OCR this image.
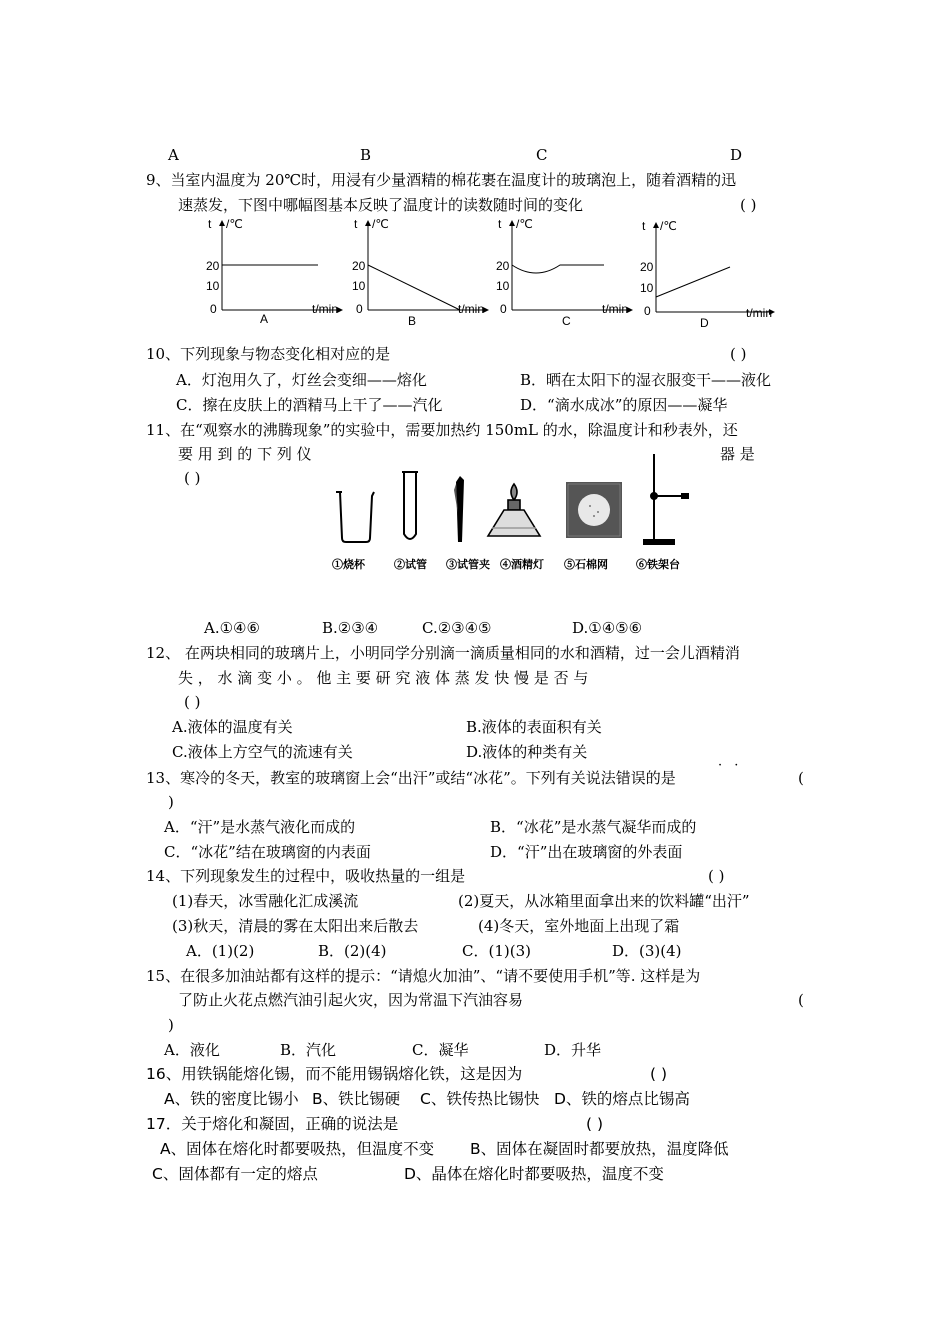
A	B	C	D
9、当室内温度为 20℃时，用浸有少量酒精的棉花裹在温度计的玻璃泡上，随着酒精的迅
速蒸发，下图中哪幅图基本反映了温度计的读数随时间的变化	( )
t /℃
20
10
0	t/min
A
t /℃
20
10
0	t/min
B
t /℃
20
10
0	t/min
C
t /℃
20
10
0	t/min
D
10、下列现象与物态变化相对应的是	( )
A．灯泡用久了，灯丝会变细——熔化	B．晒在太阳下的湿衣服变干——液化
C．擦在皮肤上的酒精马上干了——汽化	D．“滴水成冰”的原因——凝华
11、在“观察水的沸腾现象”的实验中，需要加热约 150mL 的水，除温度计和秒表外，还
要 用 到 的 下 列 仪	器 是
( )
①烧杯	②试管 ③试管夹 ④酒精灯 ⑤石棉网	⑥铁架台
A.①④⑥	B.②③④	C.②③④⑤	D.①④⑤⑥
12、 在两块相同的玻璃片上，小明同学分别滴一滴质量相同的水和酒精，过一会儿酒精消
失 ， 水 滴 变 小 。 他 主 要 研 究 液 体 蒸 发 快 慢 是 否 与
( )
A.液体的温度有关	B.液体的表面积有关
C.液体上方空气的流速有关	D.液体的种类有关
· ·
13、寒冷的冬天，教室的玻璃窗上会“出汗”或结“冰花”。下列有关说法错误的是	(
)
A．“汗”是水蒸气液化而成的	B．“冰花”是水蒸气凝华而成的
C．“冰花”结在玻璃窗的内表面	D．“汗”出在玻璃窗的外表面
14、下列现象发生的过程中，吸收热量的一组是	( )
(1)春天，冰雪融化汇成溪流	(2)夏天，从冰箱里面拿出来的饮料罐“出汗”
(3)秋天，清晨的雾在太阳出来后散去	(4)冬天，室外地面上出现了霜
A．(1)(2)	B．(2)(4)	C．(1)(3)	D．(3)(4)
15、在很多加油站都有这样的提示：“请熄火加油”、“请不要使用手机”等. 这样是为
了防止火花点燃汽油引起火灾，因为常温下汽油容易	(
)
A．液化	B．汽化	C．凝华	D．升华
16、用铁锅能熔化锡，而不能用锡锅熔化铁，这是因为	( )
A、铁的密度比锡小 B、铁比锡硬 C、铁传热比锡快 D、铁的熔点比锡高
17．关于熔化和凝固，正确的说法是	( )
A、固体在熔化时都要吸热，但温度不变 B、固体在凝固时都要放热，温度降低
C、固体都有一定的熔点	D、晶体在熔化时都要吸热，温度不变
